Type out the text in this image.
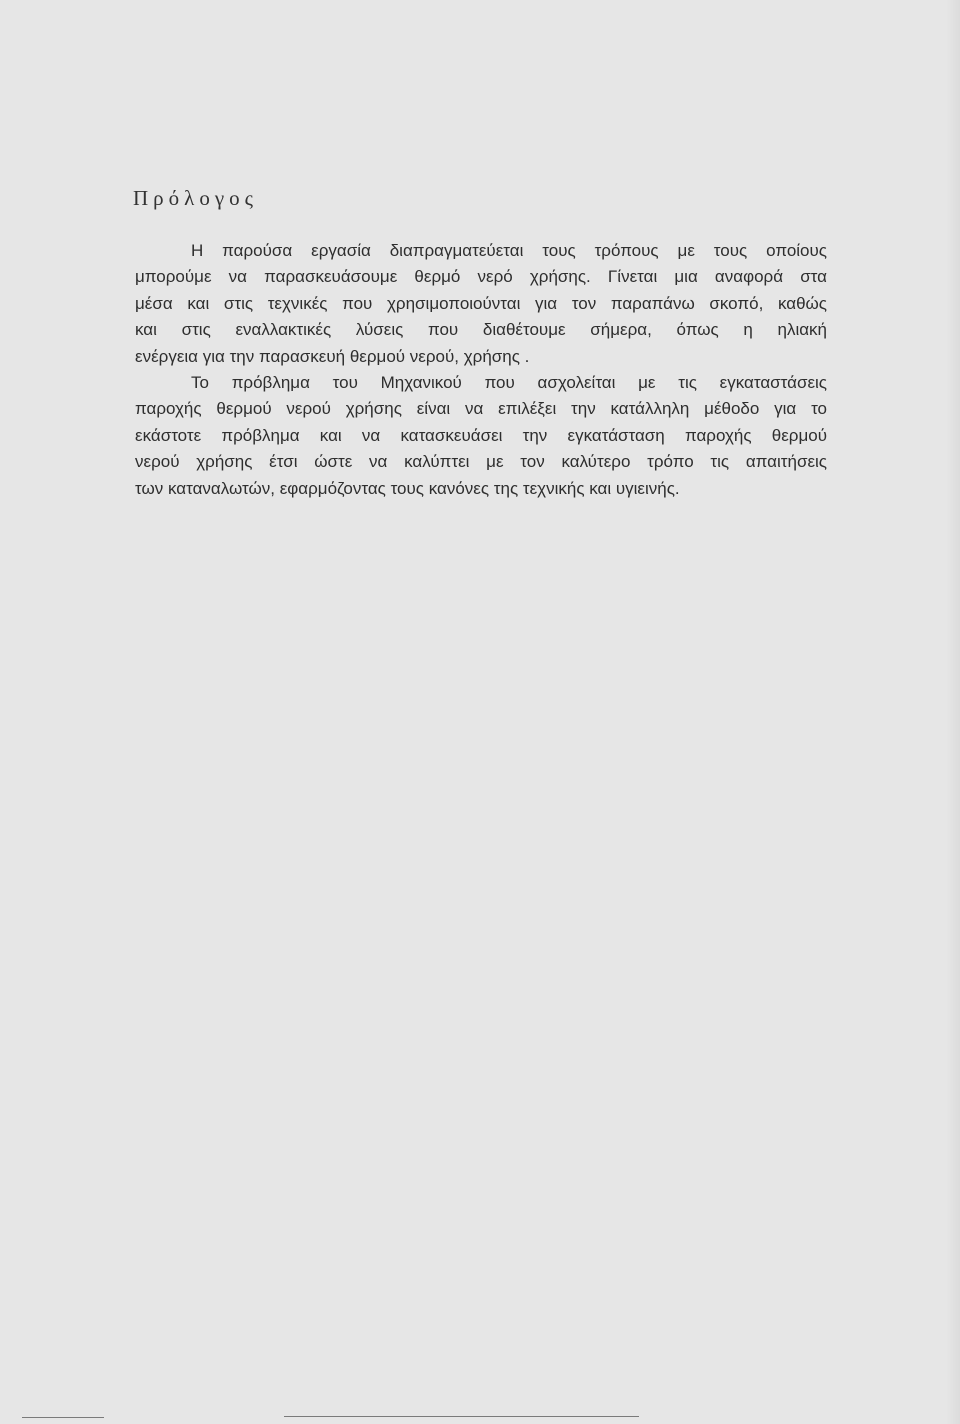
Πρόλογος
Η παρούσα εργασία διαπραγματεύεται τους τρόπους με τους οποίους
μπορούμε να παρασκευάσουμε θερμό νερό χρήσης. Γίνεται μια αναφορά στα
μέσα και στις τεχνικές που χρησιμοποιούνται για τον παραπάνω σκοπό, καθώς
και στις εναλλακτικές λύσεις που διαθέτουμε σήμερα, όπως η ηλιακή
ενέργεια για την παρασκευή θερμού νερού, χρήσης .
Το πρόβλημα του Μηχανικού που ασχολείται με τις εγκαταστάσεις
παροχής θερμού νερού χρήσης είναι να επιλέξει την κατάλληλη μέθοδο για το
εκάστοτε πρόβλημα και να κατασκευάσει την εγκατάσταση παροχής θερμού
νερού χρήσης έτσι ώστε να καλύπτει με τον καλύτερο τρόπο τις απαιτήσεις
των καταναλωτών, εφαρμόζοντας τους κανόνες της τεχνικής και υγιεινής.
